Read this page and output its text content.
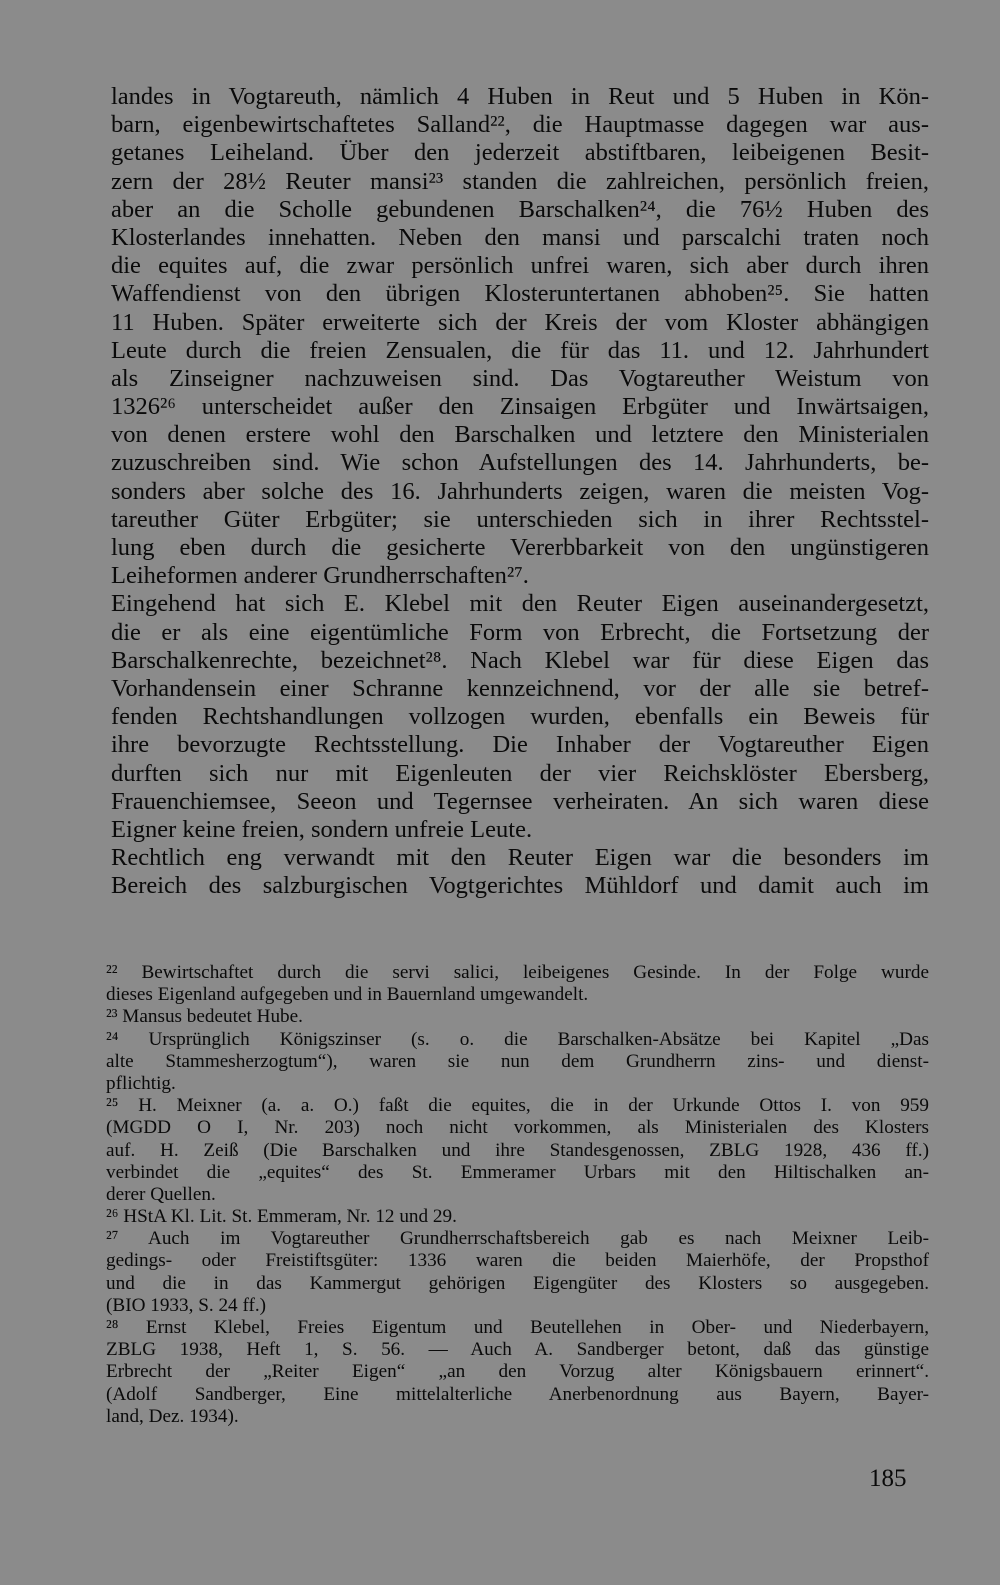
landes in Vogtareuth, nämlich 4 Huben in Reut und 5 Huben in Kön-
barn, eigenbewirtschaftetes Salland²², die Hauptmasse dagegen war aus-
getanes Leiheland. Über den jederzeit abstiftbaren, leibeigenen Besit-
zern der 28½ Reuter mansi²³ standen die zahlreichen, persönlich freien,
aber an die Scholle gebundenen Barschalken²⁴, die 76½ Huben des
Klosterlandes innehatten. Neben den mansi und parscalchi traten noch
die equites auf, die zwar persönlich unfrei waren, sich aber durch ihren
Waffendienst von den übrigen Klosteruntertanen abhoben²⁵. Sie hatten
11 Huben. Später erweiterte sich der Kreis der vom Kloster abhängigen
Leute durch die freien Zensualen, die für das 11. und 12. Jahrhundert
als Zinseigner nachzuweisen sind. Das Vogtareuther Weistum von
1326²⁶ unterscheidet außer den Zinsaigen Erbgüter und Inwärtsaigen,
von denen erstere wohl den Barschalken und letztere den Ministerialen
zuzuschreiben sind. Wie schon Aufstellungen des 14. Jahrhunderts, be-
sonders aber solche des 16. Jahrhunderts zeigen, waren die meisten Vog-
tareuther Güter Erbgüter; sie unterschieden sich in ihrer Rechtsstel-
lung eben durch die gesicherte Vererbbarkeit von den ungünstigeren
Leiheformen anderer Grundherrschaften²⁷.
Eingehend hat sich E. Klebel mit den Reuter Eigen auseinandergesetzt,
die er als eine eigentümliche Form von Erbrecht, die Fortsetzung der
Barschalkenrechte, bezeichnet²⁸. Nach Klebel war für diese Eigen das
Vorhandensein einer Schranne kennzeichnend, vor der alle sie betref-
fenden Rechtshandlungen vollzogen wurden, ebenfalls ein Beweis für
ihre bevorzugte Rechtsstellung. Die Inhaber der Vogtareuther Eigen
durften sich nur mit Eigenleuten der vier Reichsklöster Ebersberg,
Frauenchiemsee, Seeon und Tegernsee verheiraten. An sich waren diese
Eigner keine freien, sondern unfreie Leute.
Rechtlich eng verwandt mit den Reuter Eigen war die besonders im
Bereich des salzburgischen Vogtgerichtes Mühldorf und damit auch im
²² Bewirtschaftet durch die servi salici, leibeigenes Gesinde. In der Folge wurde
dieses Eigenland aufgegeben und in Bauernland umgewandelt.
²³ Mansus bedeutet Hube.
²⁴ Ursprünglich Königszinser (s. o. die Barschalken-Absätze bei Kapitel „Das
alte Stammesherzogtum“), waren sie nun dem Grundherrn zins- und dienst-
pflichtig.
²⁵ H. Meixner (a. a. O.) faßt die equites, die in der Urkunde Ottos I. von 959
(MGDD O I, Nr. 203) noch nicht vorkommen, als Ministerialen des Klosters
auf. H. Zeiß (Die Barschalken und ihre Standesgenossen, ZBLG 1928, 436 ff.)
verbindet die „equites“ des St. Emmeramer Urbars mit den Hiltischalken an-
derer Quellen.
²⁶ HStA Kl. Lit. St. Emmeram, Nr. 12 und 29.
²⁷ Auch im Vogtareuther Grundherrschaftsbereich gab es nach Meixner Leib-
gedings- oder Freistiftsgüter: 1336 waren die beiden Maierhöfe, der Propsthof
und die in das Kammergut gehörigen Eigengüter des Klosters so ausgegeben.
(BIO 1933, S. 24 ff.)
²⁸ Ernst Klebel, Freies Eigentum und Beutellehen in Ober- und Niederbayern,
ZBLG 1938, Heft 1, S. 56. — Auch A. Sandberger betont, daß das günstige
Erbrecht der „Reiter Eigen“ „an den Vorzug alter Königsbauern erinnert“.
(Adolf Sandberger, Eine mittelalterliche Anerbenordnung aus Bayern, Bayer-
land, Dez. 1934).
185
